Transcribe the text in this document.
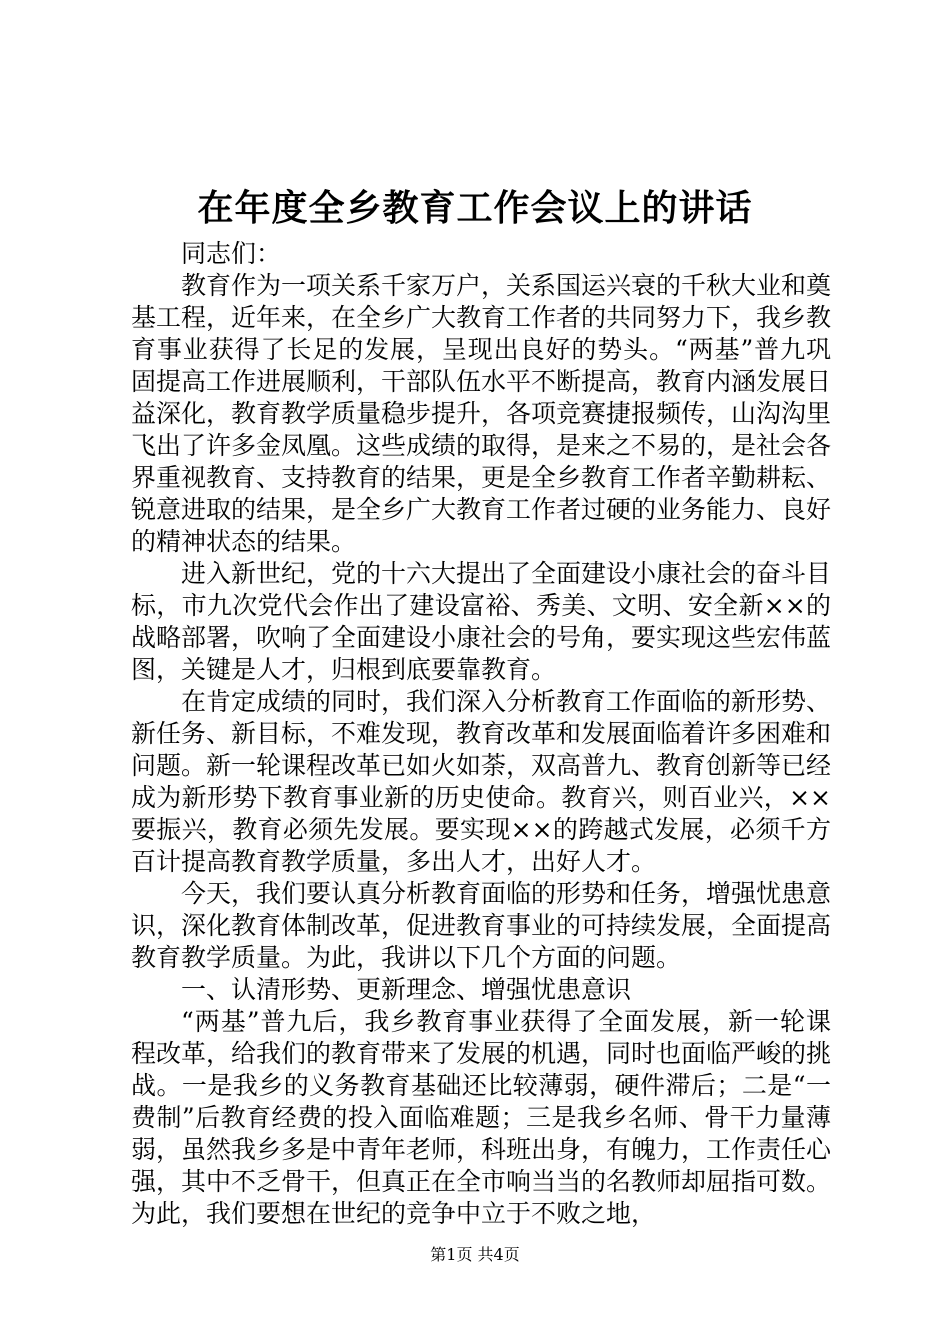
在年度全乡教育工作会议上的讲话

同志们：

教育作为一项关系千家万户，关系国运兴衰的千秋大业和奠基工程，近年来，在全乡广大教育工作者的共同努力下，我乡教育事业获得了长足的发展，呈现出良好的势头。“两基”普九巩固提高工作进展顺利，干部队伍水平不断提高，教育内涵发展日益深化，教育教学质量稳步提升，各项竞赛捷报频传，山沟沟里飞出了许多金凤凰。这些成绩的取得，是来之不易的，是社会各界重视教育、支持教育的结果，更是全乡教育工作者辛勤耕耘、锐意进取的结果，是全乡广大教育工作者过硬的业务能力、良好的精神状态的结果。

进入新世纪，党的十六大提出了全面建设小康社会的奋斗目标，市九次党代会作出了建设富裕、秀美、文明、安全新××的战略部署，吹响了全面建设小康社会的号角，要实现这些宏伟蓝图，关键是人才，归根到底要靠教育。

在肯定成绩的同时，我们深入分析教育工作面临的新形势、新任务、新目标，不难发现，教育改革和发展面临着许多困难和问题。新一轮课程改革已如火如荼，双高普九、教育创新等已经成为新形势下教育事业新的历史使命。教育兴，则百业兴，××要振兴，教育必须先发展。要实现××的跨越式发展，必须千方百计提高教育教学质量，多出人才，出好人才。

今天，我们要认真分析教育面临的形势和任务，增强忧患意识，深化教育体制改革，促进教育事业的可持续发展，全面提高教育教学质量。为此，我讲以下几个方面的问题。

一、认清形势、更新理念、增强忧患意识

“两基”普九后，我乡教育事业获得了全面发展，新一轮课程改革，给我们的教育带来了发展的机遇，同时也面临严峻的挑战。一是我乡的义务教育基础还比较薄弱，硬件滞后；二是“一费制”后教育经费的投入面临难题；三是我乡名师、骨干力量薄弱，虽然我乡多是中青年老师，科班出身，有魄力，工作责任心强，其中不乏骨干，但真正在全市响当当的名教师却屈指可数。为此，我们要想在世纪的竞争中立于不败之地，

第1页 共4页
